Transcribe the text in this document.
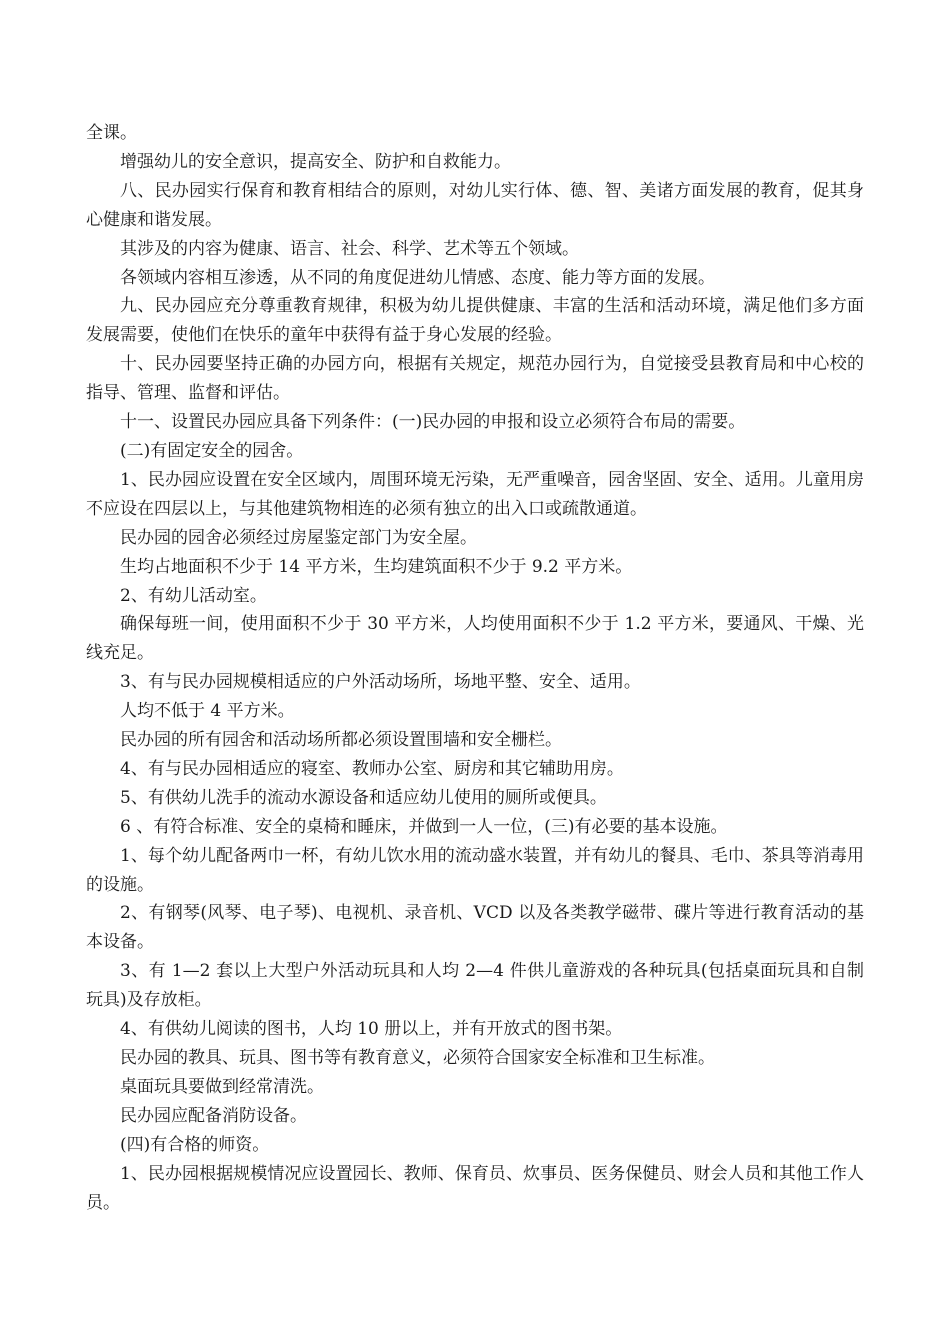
全课。

增强幼儿的安全意识，提高安全、防护和自救能力。

八、民办园实行保育和教育相结合的原则，对幼儿实行体、德、智、美诸方面发展的教育，促其身心健康和谐发展。

其涉及的内容为健康、语言、社会、科学、艺术等五个领域。

各领域内容相互渗透，从不同的角度促进幼儿情感、态度、能力等方面的发展。

九、民办园应充分尊重教育规律，积极为幼儿提供健康、丰富的生活和活动环境，满足他们多方面发展需要，使他们在快乐的童年中获得有益于身心发展的经验。

十、民办园要坚持正确的办园方向，根据有关规定，规范办园行为，自觉接受县教育局和中心校的指导、管理、监督和评估。

十一、设置民办园应具备下列条件：(一)民办园的申报和设立必须符合布局的需要。

(二)有固定安全的园舍。

1、民办园应设置在安全区域内，周围环境无污染，无严重噪音，园舍坚固、安全、适用。儿童用房不应设在四层以上，与其他建筑物相连的必须有独立的出入口或疏散通道。

民办园的园舍必须经过房屋鉴定部门为安全屋。

生均占地面积不少于 14 平方米，生均建筑面积不少于 9.2 平方米。

2、有幼儿活动室。

确保每班一间，使用面积不少于 30 平方米，人均使用面积不少于 1.2 平方米，要通风、干燥、光线充足。

3、有与民办园规模相适应的户外活动场所，场地平整、安全、适用。

人均不低于 4 平方米。

民办园的所有园舍和活动场所都必须设置围墙和安全栅栏。

4、有与民办园相适应的寝室、教师办公室、厨房和其它辅助用房。

5、有供幼儿洗手的流动水源设备和适应幼儿使用的厕所或便具。

6 、有符合标准、安全的桌椅和睡床，并做到一人一位，(三)有必要的基本设施。

1、每个幼儿配备两巾一杯，有幼儿饮水用的流动盛水装置，并有幼儿的餐具、毛巾、茶具等消毒用的设施。

2、有钢琴(风琴、电子琴)、电视机、录音机、VCD 以及各类教学磁带、碟片等进行教育活动的基本设备。

3、有 1—2 套以上大型户外活动玩具和人均 2—4 件供儿童游戏的各种玩具(包括桌面玩具和自制玩具)及存放柜。

4、有供幼儿阅读的图书，人均 10 册以上，并有开放式的图书架。

民办园的教具、玩具、图书等有教育意义，必须符合国家安全标准和卫生标准。

桌面玩具要做到经常清洗。

民办园应配备消防设备。

(四)有合格的师资。

1、民办园根据规模情况应设置园长、教师、保育员、炊事员、医务保健员、财会人员和其他工作人员。
